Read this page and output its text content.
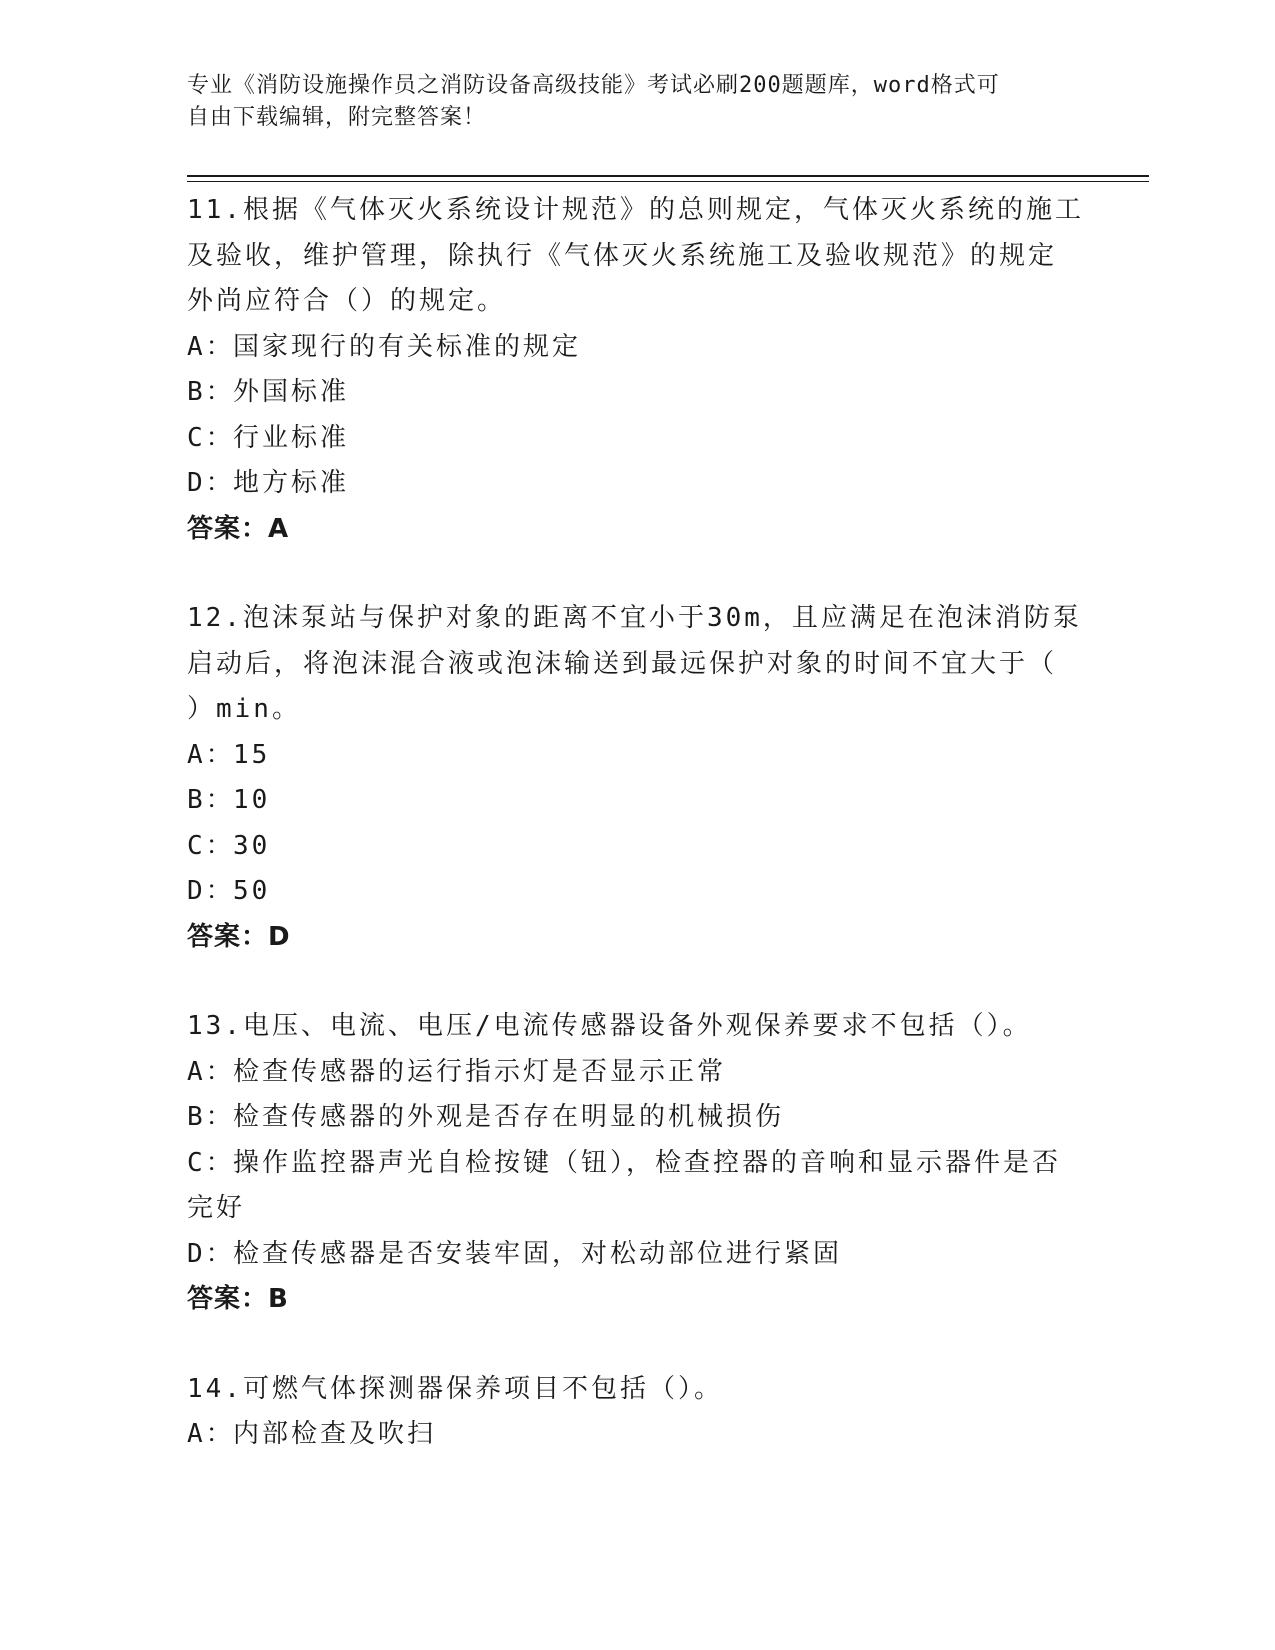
专业《消防设施操作员之消防设备高级技能》考试必刷200题题库，word格式可
自由下载编辑，附完整答案！
11.根据《气体灭火系统设计规范》的总则规定，气体灭火系统的施工
及验收，维护管理，除执行《气体灭火系统施工及验收规范》的规定
外尚应符合（）的规定。
A：国家现行的有关标准的规定
B：外国标准
C：行业标准
D：地方标准
答案：A
12.泡沫泵站与保护对象的距离不宜小于30m，且应满足在泡沫消防泵
启动后，将泡沫混合液或泡沫输送到最远保护对象的时间不宜大于（
）min。
A：15
B：10
C：30
D：50
答案：D
13.电压、电流、电压/电流传感器设备外观保养要求不包括（）。
A：检查传感器的运行指示灯是否显示正常
B：检查传感器的外观是否存在明显的机械损伤
C：操作监控器声光自检按键（钮），检查控器的音响和显示器件是否
完好
D：检查传感器是否安装牢固，对松动部位进行紧固
答案：B
14.可燃气体探测器保养项目不包括（）。
A：内部检查及吹扫
